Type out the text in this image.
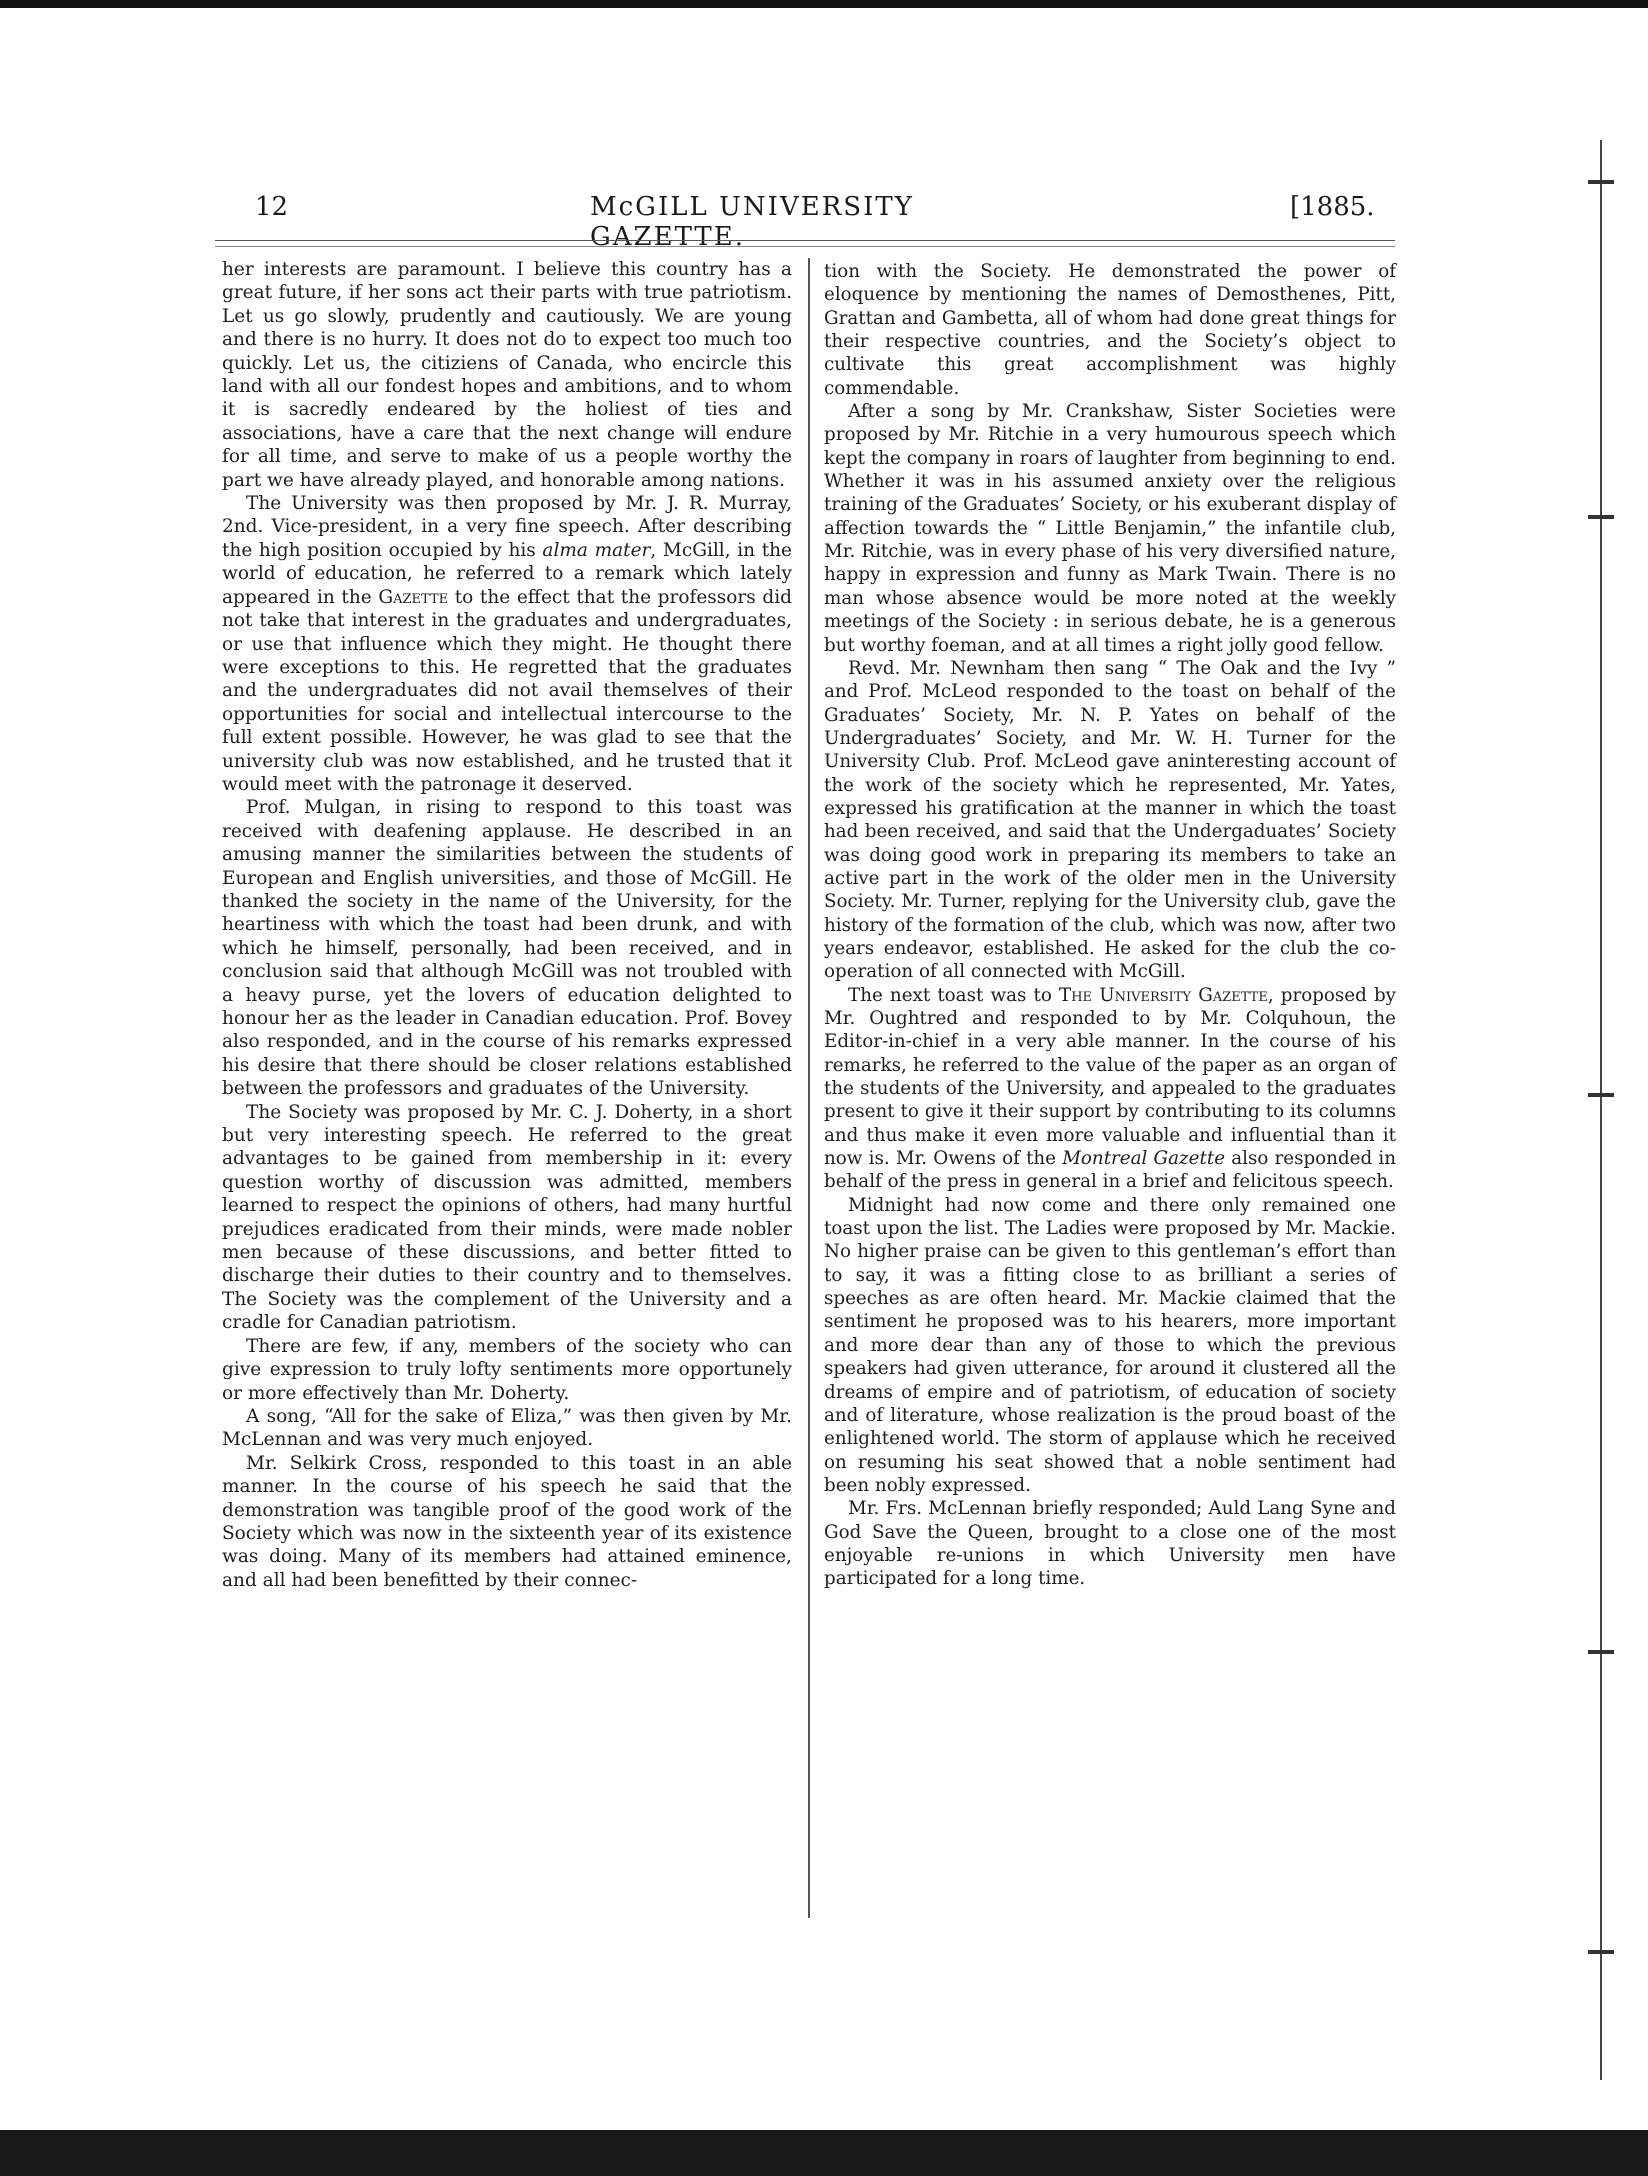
12	McGILL UNIVERSITY GAZETTE.
[1885.

her interests are paramount. I believe this country has a great future, if her sons act their parts with true patriotism. Let us go slowly, prudently and cautiously. We are young and there is no hurry. It does not do to expect too much too quickly. Let us, the citiziens of Canada, who encircle this land with all our fondest hopes and ambitions, and to whom it is sacredly endeared by the holiest of ties and associations, have a care that the next change will endure for all time, and serve to make of us a people worthy the part we have already played, and honorable among nations.

The University was then proposed by Mr. J. R. Murray, 2nd. Vice-president, in a very fine speech. After describing the high position occupied by his alma mater, McGill, in the world of education, he referred to a remark which lately appeared in the Gazette to the effect that the professors did not take that interest in the graduates and undergraduates, or use that influence which they might. He thought there were exceptions to this. He regretted that the graduates and the undergraduates did not avail themselves of their opportunities for social and intellectual intercourse to the full extent possible. However, he was glad to see that the university club was now established, and he trusted that it would meet with the patronage it deserved.

Prof. Mulgan, in rising to respond to this toast was received with deafening applause. He described in an amusing manner the similarities between the students of European and English universities, and those of McGill. He thanked the society in the name of the University, for the heartiness with which the toast had been drunk, and with which he himself, personally, had been received, and in conclusion said that although McGill was not troubled with a heavy purse, yet the lovers of education delighted to honour her as the leader in Canadian education. Prof. Bovey also responded, and in the course of his remarks expressed his desire that there should be closer relations established between the professors and graduates of the University.

The Society was proposed by Mr. C. J. Doherty, in a short but very interesting speech. He referred to the great advantages to be gained from membership in it: every question worthy of discussion was admitted, members learned to respect the opinions of others, had many hurtful prejudices eradicated from their minds, were made nobler men because of these discussions, and better fitted to discharge their duties to their country and to themselves. The Society was the complement of the University and a cradle for Canadian patriotism.

There are few, if any, members of the society who can give expression to truly lofty sentiments more opportunely or more effectively than Mr. Doherty.

A song, “All for the sake of Eliza,” was then given by Mr. McLennan and was very much enjoyed.

Mr. Selkirk Cross, responded to this toast in an able manner. In the course of his speech he said that the demonstration was tangible proof of the good work of the Society which was now in the sixteenth year of its existence was doing. Many of its members had attained eminence, and all had been benefitted by their connec-

tion with the Society. He demonstrated the power of eloquence by mentioning the names of Demosthenes, Pitt, Grattan and Gambetta, all of whom had done great things for their respective countries, and the Society’s object to cultivate this great accomplishment was highly commendable.

After a song by Mr. Crankshaw, Sister Societies were proposed by Mr. Ritchie in a very humourous speech which kept the company in roars of laughter from beginning to end. Whether it was in his assumed anxiety over the religious training of the Graduates’ Society, or his exuberant display of affection towards the “ Little Benjamin,” the infantile club, Mr. Ritchie, was in every phase of his very diversified nature, happy in expression and funny as Mark Twain. There is no man whose absence would be more noted at the weekly meetings of the Society : in serious debate, he is a generous but worthy foeman, and at all times a right jolly good fellow.

Revd. Mr. Newnham then sang “ The Oak and the Ivy ” and Prof. McLeod responded to the toast on behalf of the Graduates’ Society, Mr. N. P. Yates on behalf of the Undergraduates’ Society, and Mr. W. H. Turner for the University Club. Prof. McLeod gave aninteresting account of the work of the society which he represented, Mr. Yates, expressed his gratification at the manner in which the toast had been received, and said that the Undergaduates’ Society was doing good work in preparing its members to take an active part in the work of the older men in the University Society. Mr. Turner, replying for the University club, gave the history of the formation of the club, which was now, after two years endeavor, established. He asked for the club the co-operation of all connected with McGill.

The next toast was to The University Gazette, proposed by Mr. Oughtred and responded to by Mr. Colquhoun, the Editor-in-chief in a very able manner. In the course of his remarks, he referred to the value of the paper as an organ of the students of the University, and appealed to the graduates present to give it their support by contributing to its columns and thus make it even more valuable and influential than it now is. Mr. Owens of the Montreal Gazette also responded in behalf of the press in general in a brief and felicitous speech.

Midnight had now come and there only remained one toast upon the list. The Ladies were proposed by Mr. Mackie. No higher praise can be given to this gentleman’s effort than to say, it was a fitting close to as brilliant a series of speeches as are often heard. Mr. Mackie claimed that the sentiment he proposed was to his hearers, more important and more dear than any of those to which the previous speakers had given utterance, for around it clustered all the dreams of empire and of patriotism, of education of society and of literature, whose realization is the proud boast of the enlightened world. The storm of applause which he received on resuming his seat showed that a noble sentiment had been nobly expressed.

Mr. Frs. McLennan briefly responded; Auld Lang Syne and God Save the Queen, brought to a close one of the most enjoyable re-unions in which University men have participated for a long time.
